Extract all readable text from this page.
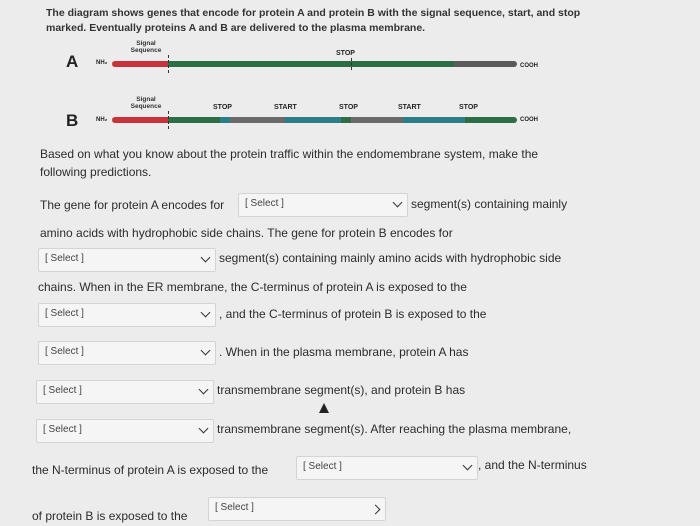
The diagram shows genes that encode for protein A and protein B with the signal sequence, start, and stop marked. Eventually proteins A and B are delivered to the plasma membrane.
A	NH₂
Signal Sequence	STOP
COOH
B	NH₂
Signal Sequence	STOP	START	STOP	START	STOP
COOH
Based on what you know about the protein traffic within the endomembrane system, make the following predictions.
The gene for protein A encodes for	[ Select ]	segment(s) containing mainly
amino acids with hydrophobic side chains. The gene for protein B encodes for
[ Select ]	segment(s) containing mainly amino acids with hydrophobic side
chains. When in the ER membrane, the C-terminus of protein A is exposed to the
[ Select ]	, and the C-terminus of protein B is exposed to the
[ Select ]	. When in the plasma membrane, protein A has
[ Select ]	transmembrane segment(s), and protein B has
[ Select ]	transmembrane segment(s). After reaching the plasma membrane,
the N-terminus of protein A is exposed to the	[ Select ]	, and the N-terminus
of protein B is exposed to the
[ Select ]
